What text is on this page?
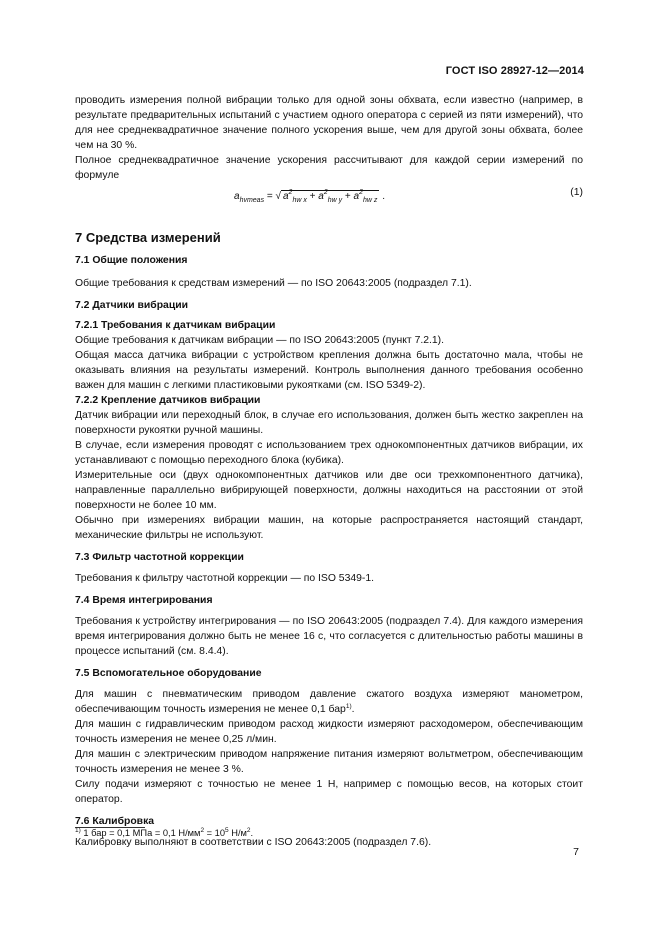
ГОСТ ISO 28927-12—2014

проводить измерения полной вибрации только для одной зоны обхвата, если известно (например, в результате предварительных испытаний с участием одного оператора с серией из пяти измерений), что для нее среднеквадратичное значение полного ускорения выше, чем для другой зоны обхвата, более чем на 30 %.

Полное среднеквадратичное значение ускорения рассчитывают для каждой серии измерений по формуле

$a_{hvmeas}$ = √ $a^2_{hw x} + a^2_{hw y} + a^2_{hw z}$ .	(1)
7 Средства измерений

7.1 Общие положения

Общие требования к средствам измерений — по ISO 20643:2005 (подраздел 7.1).

7.2 Датчики вибрации

7.2.1 Требования к датчикам вибрации

Общие требования к датчикам вибрации — по ISO 20643:2005 (пункт 7.2.1).

Общая масса датчика вибрации с устройством крепления должна быть достаточно мала, чтобы не оказывать влияния на результаты измерений. Контроль выполнения данного требования особенно важен для машин с легкими пластиковыми рукоятками (см. ISO 5349-2).

7.2.2 Крепление датчиков вибрации

Датчик вибрации или переходный блок, в случае его использования, должен быть жестко закреплен на поверхности рукоятки ручной машины.

В случае, если измерения проводят с использованием трех однокомпонентных датчиков вибрации, их устанавливают с помощью переходного блока (кубика).

Измерительные оси (двух однокомпонентных датчиков или две оси трехкомпонентного датчика), направленные параллельно вибрирующей поверхности, должны находиться на расстоянии от этой поверхности не более 10 мм.

Обычно при измерениях вибрации машин, на которые распространяется настоящий стандарт, механические фильтры не используют.

7.3 Фильтр частотной коррекции

Требования к фильтру частотной коррекции — по ISO 5349-1.

7.4 Время интегрирования

Требования к устройству интегрирования — по ISO 20643:2005 (подраздел 7.4). Для каждого измерения время интегрирования должно быть не менее 16 с, что согласуется с длительностью работы машины в процессе испытаний (см. 8.4.4).

7.5 Вспомогательное оборудование

Для машин с пневматическим приводом давление сжатого воздуха измеряют манометром, обеспечивающим точность измерения не менее 0,1 бар$^{1)}$.

Для машин с гидравлическим приводом расход жидкости измеряют расходомером, обеспечивающим точность измерения не менее 0,25 л/мин.

Для машин с электрическим приводом напряжение питания измеряют вольтметром, обеспечивающим точность измерения не менее 3 %.

Силу подачи измеряют с точностью не менее 1 Н, например с помощью весов, на которых стоит оператор.

7.6 Калибровка

Калибровку выполняют в соответствии с ISO 20643:2005 (подраздел 7.6).

$^{1)}$ 1 бар = 0,1 МПа = 0,1 $Н/мм^2 = 10^5$ $Н/м^2$.
7
